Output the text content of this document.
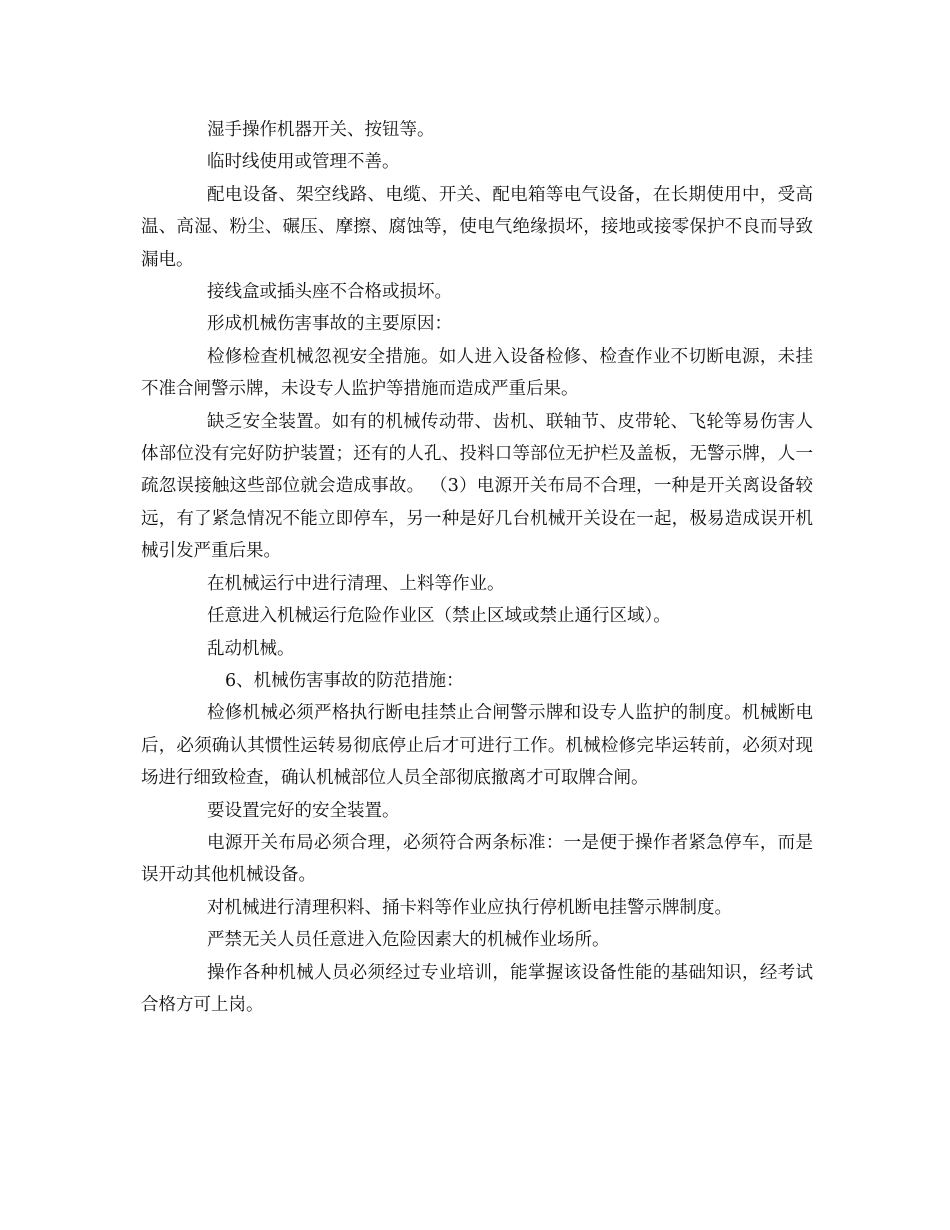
湿手操作机器开关、按钮等。

临时线使用或管理不善。

配电设备、架空线路、电缆、开关、配电箱等电气设备，在长期使用中，受高温、高湿、粉尘、碾压、摩擦、腐蚀等，使电气绝缘损坏，接地或接零保护不良而导致漏电。

接线盒或插头座不合格或损坏。

形成机械伤害事故的主要原因：

检修检查机械忽视安全措施。如人进入设备检修、检查作业不切断电源，未挂不准合闸警示牌，未设专人监护等措施而造成严重后果。

缺乏安全装置。如有的机械传动带、齿机、联轴节、皮带轮、飞轮等易伤害人体部位没有完好防护装置；还有的人孔、投料口等部位无护栏及盖板，无警示牌，人一疏忽误接触这些部位就会造成事故。 （3）电源开关布局不合理，一种是开关离设备较远，有了紧急情况不能立即停车，另一种是好几台机械开关设在一起，极易造成误开机械引发严重后果。

在机械运行中进行清理、上料等作业。

任意进入机械运行危险作业区（禁止区域或禁止通行区域）。

乱动机械。

6、机械伤害事故的防范措施：

检修机械必须严格执行断电挂禁止合闸警示牌和设专人监护的制度。机械断电后，必须确认其惯性运转易彻底停止后才可进行工作。机械检修完毕运转前，必须对现场进行细致检查，确认机械部位人员全部彻底撤离才可取牌合闸。

要设置完好的安全装置。

电源开关布局必须合理，必须符合两条标准：一是便于操作者紧急停车，而是误开动其他机械设备。

对机械进行清理积料、捅卡料等作业应执行停机断电挂警示牌制度。

严禁无关人员任意进入危险因素大的机械作业场所。

操作各种机械人员必须经过专业培训，能掌握该设备性能的基础知识，经考试合格方可上岗。
